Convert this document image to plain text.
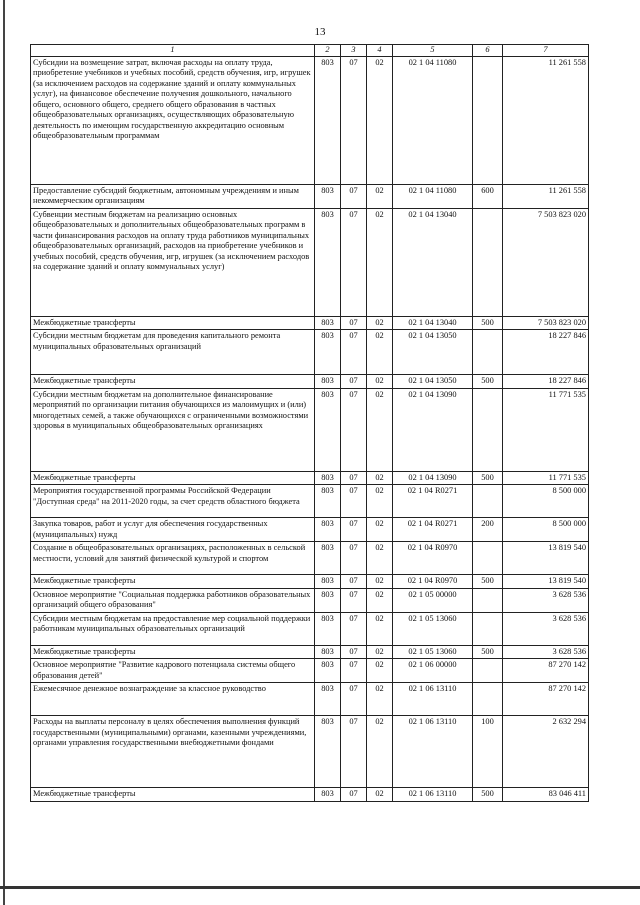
13
1	2	3	4	5	6	7
Субсидии на возмещение затрат, включая расходы на оплату труда, приобретение учебников и учебных пособий, средств обучения, игр, игрушек (за исключением расходов на содержание зданий и оплату коммунальных услуг), на финансовое обеспечение получения дошкольного, начального общего, основного общего, среднего общего образования в частных общеобразовательных организациях, осуществляющих образовательную деятельность по имеющим государственную аккредитацию основным общеобразовательным программам	803	07	02	02 1 04 11080		11 261 558
Предоставление субсидий бюджетным, автономным учреждениям и иным некоммерческим организациям	803	07	02	02 1 04 11080	600	11 261 558
Субвенции местным бюджетам на реализацию основных общеобразовательных и дополнительных общеобразовательных программ в части финансирования расходов на оплату труда работников муниципальных общеобразовательных организаций, расходов на приобретение учебников и учебных пособий, средств обучения, игр, игрушек (за исключением расходов на содержание зданий и оплату коммунальных услуг)	803	07	02	02 1 04 13040		7 503 823 020
Межбюджетные трансферты	803	07	02	02 1 04 13040	500	7 503 823 020
Субсидии местным бюджетам для проведения капитального ремонта муниципальных образовательных организаций	803	07	02	02 1 04 13050		18 227 846
Межбюджетные трансферты	803	07	02	02 1 04 13050	500	18 227 846
Субсидии местным бюджетам на дополнительное финансирование мероприятий по организации питания обучающихся из малоимущих и (или) многодетных семей, а также обучающихся с ограниченными возможностями здоровья в муниципальных общеобразовательных организациях	803	07	02	02 1 04 13090		11 771 535
Межбюджетные трансферты	803	07	02	02 1 04 13090	500	11 771 535
Мероприятия государственной программы Российской Федерации "Доступная среда" на 2011-2020 годы, за счет средств областного бюджета	803	07	02	02 1 04 R0271		8 500 000
Закупка товаров, работ и услуг для обеспечения государственных (муниципальных) нужд	803	07	02	02 1 04 R0271	200	8 500 000
Создание в общеобразовательных организациях, расположенных в сельской местности, условий для занятий физической культурой и спортом	803	07	02	02 1 04 R0970		13 819 540
Межбюджетные трансферты	803	07	02	02 1 04 R0970	500	13 819 540
Основное мероприятие "Социальная поддержка работников образовательных организаций общего образования"	803	07	02	02 1 05 00000		3 628 536
Субсидии местным бюджетам на предоставление мер социальной поддержки работникам муниципальных образовательных организаций	803	07	02	02 1 05 13060		3 628 536
Межбюджетные трансферты	803	07	02	02 1 05 13060	500	3 628 536
Основное мероприятие "Развитие кадрового потенциала системы общего образования детей"	803	07	02	02 1 06 00000		87 270 142
Ежемесячное денежное вознаграждение за классное руководство	803	07	02	02 1 06 13110		87 270 142
Расходы на выплаты персоналу в целях обеспечения выполнения функций государственными (муниципальными) органами, казенными учреждениями, органами управления государственными внебюджетными фондами	803	07	02	02 1 06 13110	100	2 632 294
Межбюджетные трансферты	803	07	02	02 1 06 13110	500	83 046 411
